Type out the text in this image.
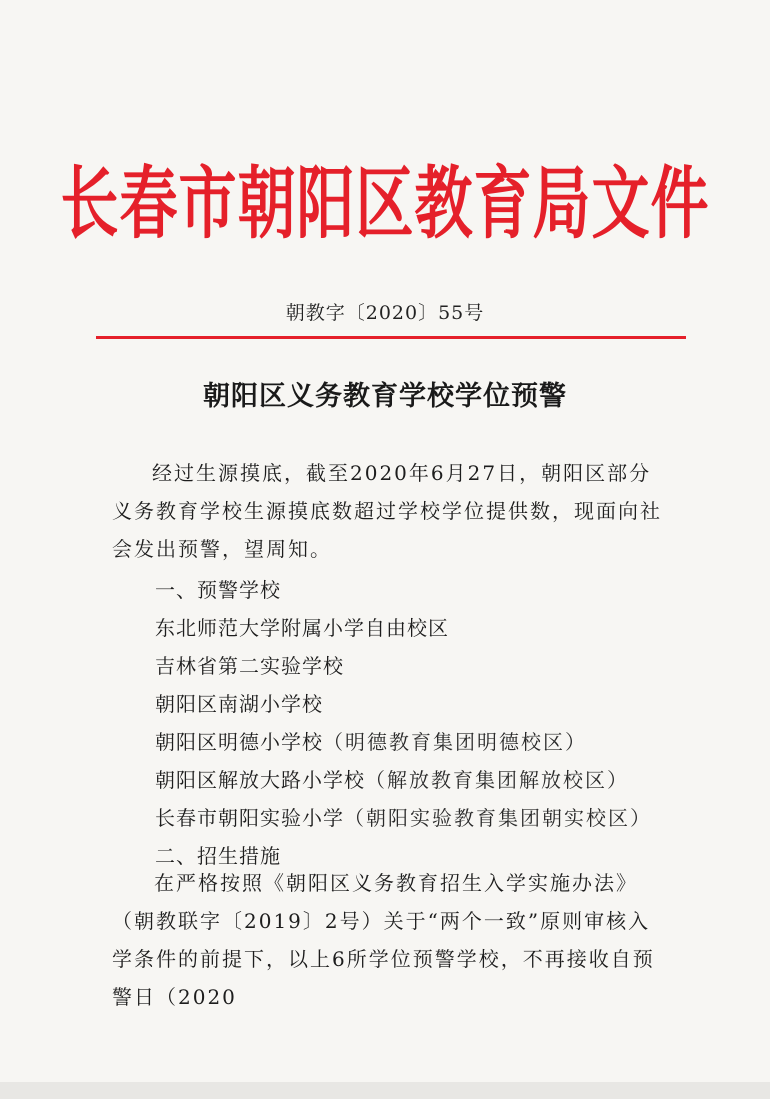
长春市朝阳区教育局文件
朝教字〔2020〕55号
朝阳区义务教育学校学位预警

经过生源摸底，截至2020年6月27日，朝阳区部分义务教育学校生源摸底数超过学校学位提供数，现面向社会发出预警，望周知。

一、预警学校
东北师范大学附属小学自由校区
吉林省第二实验学校
朝阳区南湖小学校
朝阳区明德小学校（明德教育集团明德校区）
朝阳区解放大路小学校（解放教育集团解放校区）
长春市朝阳实验小学（朝阳实验教育集团朝实校区）
二、招生措施

在严格按照《朝阳区义务教育招生入学实施办法》（朝教联字〔2019〕2号）关于“两个一致”原则审核入学条件的前提下，以上6所学位预警学校，不再接收自预警日（2020
